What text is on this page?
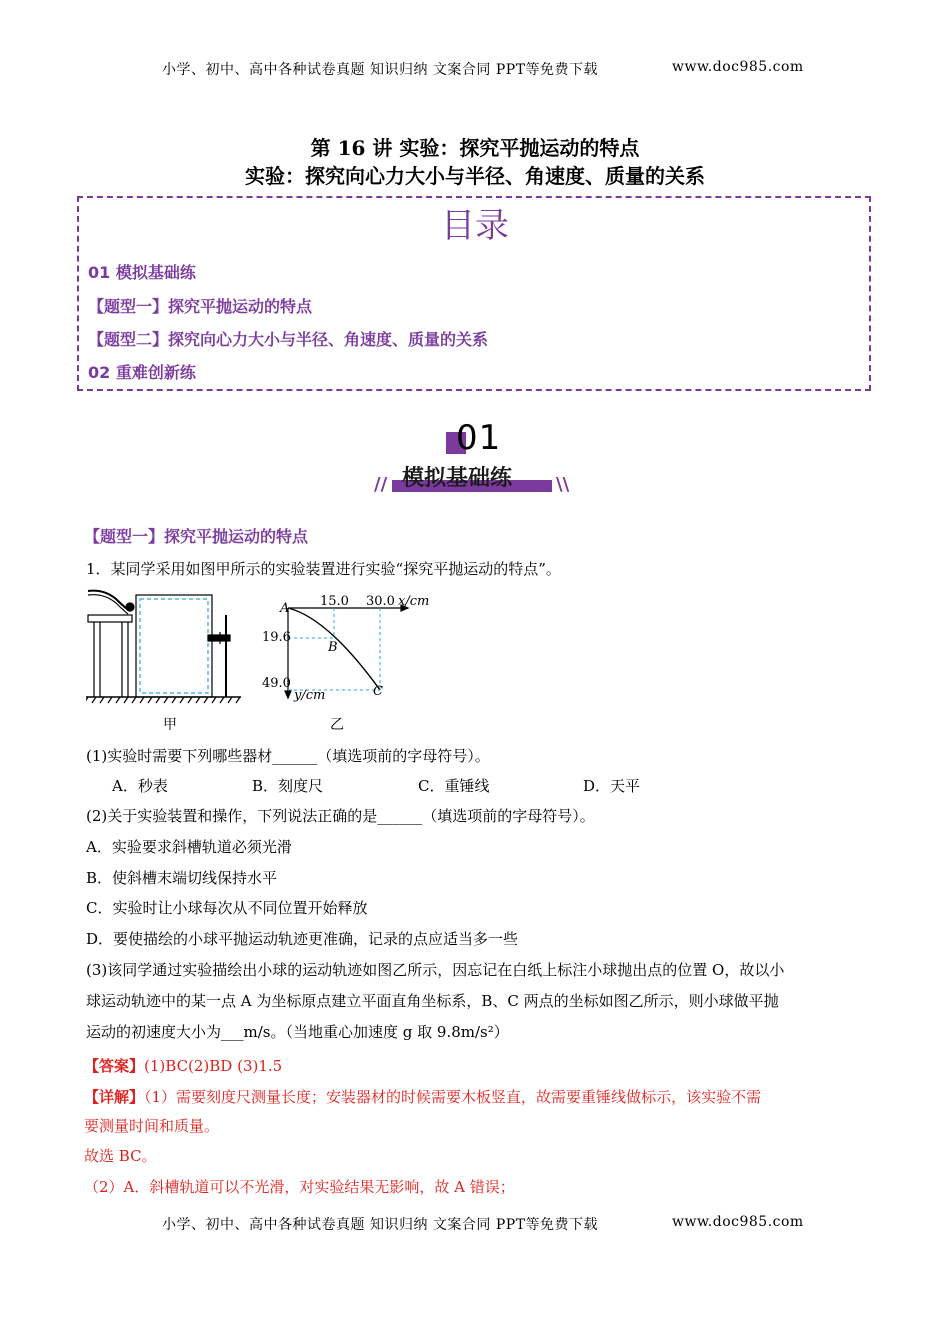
小学、初中、高中各种试卷真题 知识归纳 文案合同 PPT等免费下载	www.doc985.com
第 16 讲 实验：探究平抛运动的特点
实验：探究向心力大小与半径、角速度、质量的关系
目录
01 模拟基础练
【题型一】探究平抛运动的特点
【题型二】探究向心力大小与半径、角速度、质量的关系
02 重难创新练
01
模拟基础练
//	\\
【题型一】探究平抛运动的特点
1．某同学采用如图甲所示的实验装置进行实验“探究平抛运动的特点”。
甲
15.0 30.0 x/cm
A
19.6
B
49.0
C
y/cm
乙
(1)实验时需要下列哪些器材______（填选项前的字母符号）。
A．秒表	B．刻度尺	C．重锤线	D．天平
(2)关于实验装置和操作，下列说法正确的是______（填选项前的字母符号）。
A．实验要求斜槽轨道必须光滑
B．使斜槽末端切线保持水平
C．实验时让小球每次从不同位置开始释放
D．要使描绘的小球平抛运动轨迹更准确，记录的点应适当多一些
(3)该同学通过实验描绘出小球的运动轨迹如图乙所示，因忘记在白纸上标注小球抛出点的位置 O，故以小
球运动轨迹中的某一点 A 为坐标原点建立平面直角坐标系，B、C 两点的坐标如图乙所示，则小球做平抛
运动的初速度大小为___m/s。（当地重心加速度 g 取 9.8m/s²）
【答案】(1)BC(2)BD (3)1.5
【详解】（1）需要刻度尺测量长度；安装器材的时候需要木板竖直，故需要重锤线做标示，该实验不需
要测量时间和质量。
故选 BC。
（2）A．斜槽轨道可以不光滑，对实验结果无影响，故 A 错误；
小学、初中、高中各种试卷真题 知识归纳 文案合同 PPT等免费下载	www.doc985.com
